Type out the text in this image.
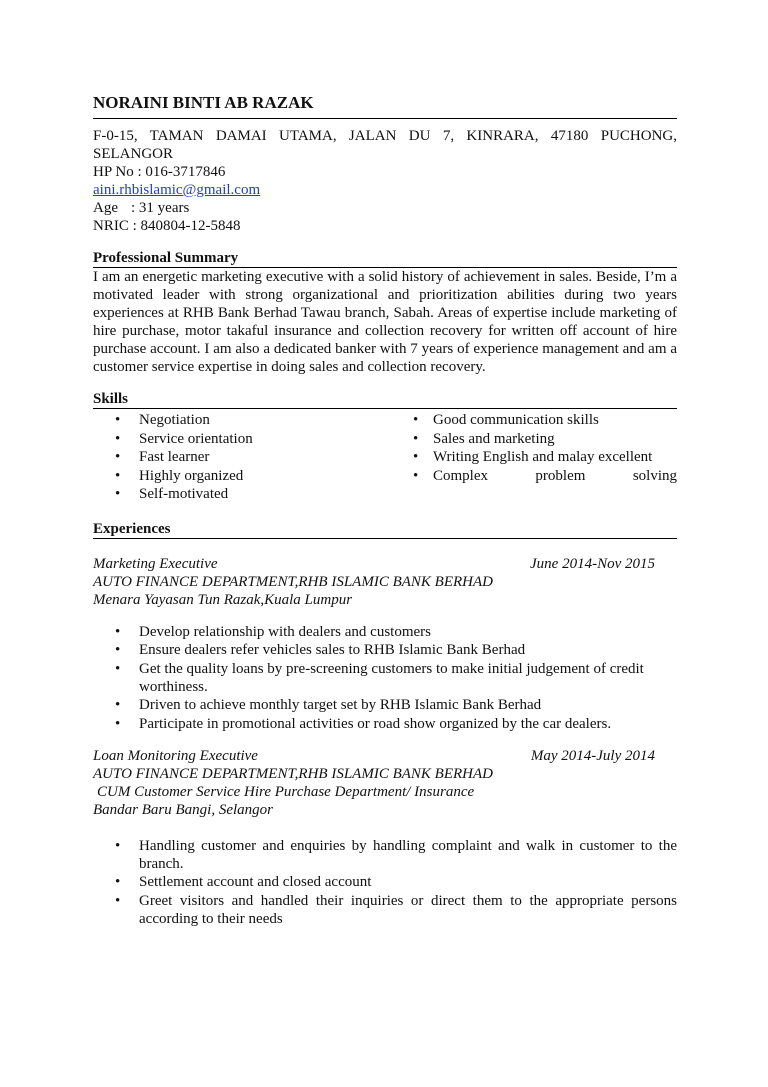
NORAINI BINTI AB RAZAK
F-0-15, TAMAN DAMAI UTAMA, JALAN DU 7, KINRARA, 47180 PUCHONG,
SELANGOR
HP No : 016-3717846
aini.rhbislamic@gmail.com
Age : 31 years
NRIC : 840804-12-5848
Professional Summary
I am an energetic marketing executive with a solid history of achievement in sales. Beside, I’m a motivated leader with strong organizational and prioritization abilities during two years experiences at RHB Bank Berhad Tawau branch, Sabah. Areas of expertise include marketing of hire purchase, motor takaful insurance and collection recovery for written off account of hire purchase account. I am also a dedicated banker with 7 years of experience management and am a customer service expertise in doing sales and collection recovery.
Skills
• Negotiation
• Service orientation
• Fast learner
• Highly organized
• Self-motivated
• Good communication skills
• Sales and marketing
• Writing English and malay excellent
• Complex problem solving
Experiences
Marketing Executive	June 2014-Nov 2015
AUTO FINANCE DEPARTMENT,RHB ISLAMIC BANK BERHAD
Menara Yayasan Tun Razak,Kuala Lumpur
• Develop relationship with dealers and customers
• Ensure dealers refer vehicles sales to RHB Islamic Bank Berhad
• Get the quality loans by pre-screening customers to make initial judgement of credit worthiness.
• Driven to achieve monthly target set by RHB Islamic Bank Berhad
• Participate in promotional activities or road show organized by the car dealers.
Loan Monitoring Executive	May 2014-July 2014
AUTO FINANCE DEPARTMENT,RHB ISLAMIC BANK BERHAD
CUM Customer Service Hire Purchase Department/ Insurance
Bandar Baru Bangi, Selangor
• Handling customer and enquiries by handling complaint and walk in customer to the branch.
• Settlement account and closed account
• Greet visitors and handled their inquiries or direct them to the appropriate persons according to their needs
